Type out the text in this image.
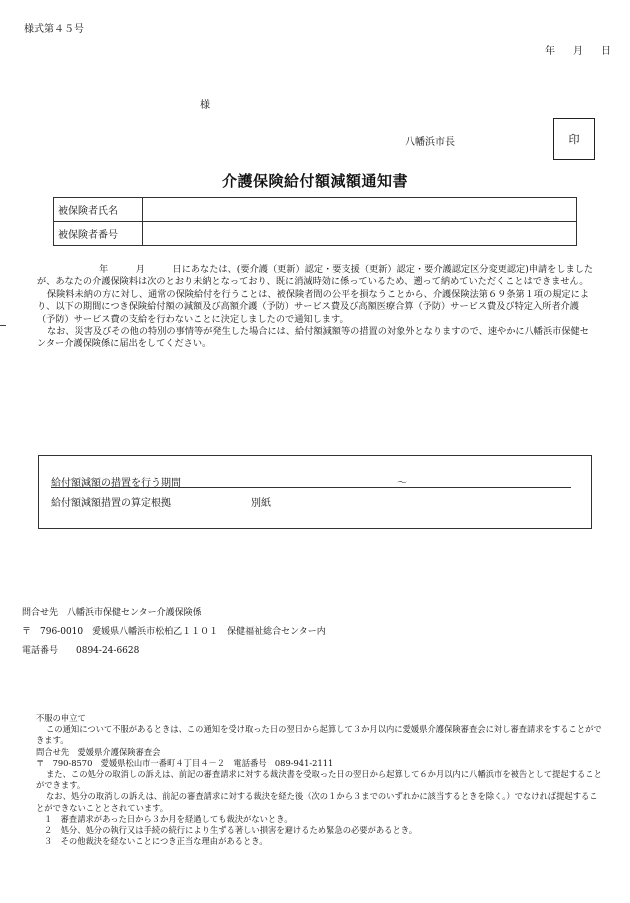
様式第４５号
年　月　日
様
八幡浜市長	印
介護保険給付額減額通知書
被保険者氏名	
被保険者番号	

年　　　月　　　日にあなたは、(要介護（更新）認定・要支援（更新）認定・要介護認定区分変更認定)申請をしましたが、あなたの介護保険料は次のとおり未納となっており、既に消滅時効に係っているため、遡って納めていただくことはできません。

保険料未納の方に対し、通常の保険給付を行うことは、被保険者間の公平を損なうことから、介護保険法第６９条第１項の規定により、以下の期間につき保険給付額の減額及び高額介護（予防）サービス費及び高額医療合算（予防）サービス費及び特定入所者介護（予防）サービス費の支給を行わないことに決定しましたので通知します。

なお、災害及びその他の特別の事情等が発生した場合には、給付額減額等の措置の対象外となりますので、速やかに八幡浜市保健センター介護保険係に届出をしてください。

給付額減額の措置を行う期間	～
給付額減額措置の算定根拠	別紙
問合せ先　八幡浜市保健センター介護保険係
〒　796-0010　愛媛県八幡浜市松柏乙１１０１　保健福祉総合センター内
電話番号　　0894-24-6628

不服の申立て

この通知について不服があるときは、この通知を受け取った日の翌日から起算して３か月以内に愛媛県介護保険審査会に対し審査請求をすることができます。

問合せ先　愛媛県介護保険審査会

〒　790-8570　愛媛県松山市一番町４丁目４－２　電話番号　089-941-2111

また、この処分の取消しの訴えは、前記の審査請求に対する裁決書を受取った日の翌日から起算して６か月以内に八幡浜市を被告として提起することができます。

なお、処分の取消しの訴えは、前記の審査請求に対する裁決を経た後（次の１から３までのいずれかに該当するときを除く。）でなければ提起することができないこととされています。

１　審査請求があった日から３か月を経過しても裁決がないとき。

２　処分、処分の執行又は手続の続行により生ずる著しい損害を避けるため緊急の必要があるとき。

３　その他裁決を経ないことにつき正当な理由があるとき。
